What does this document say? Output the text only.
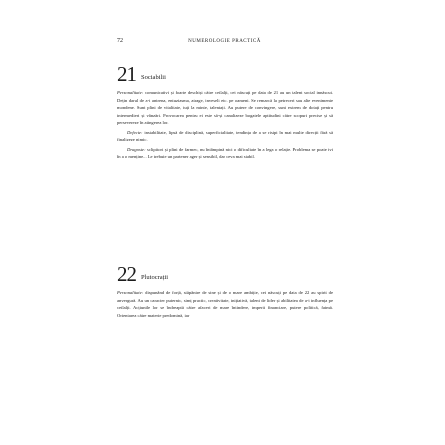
72	NUMEROLOGIE PRACTICĂ
21 Sociabilii

Personalitate: comunicativi și foarte deschiși către ceilalți, cei născuți pe data de 21 au un talent social innăscut. Dețin darul de a-i antrena, entuziasma, atrage, inveseli etc. pe oameni. Se remarcă la petreceri sau alte evenimente mondene. Sunt plini de vitalitate, iuți la minte, talentați. Au putere de convingere, sunt extrem de dotați pentru intermedieri și vânzări. Provocarea pentru ei este să-și canalizeze bogatele aptitudini către scopuri precise și să persevereze în atingerea lor.

Defecte: instabilitate, lipsă de disciplină, superficialitate, tendința de a se risipi în mai multe direcții fără să finalizeze nimic.

Dragoste: sclipitori și plini de farmec, nu întâmpină nici o dificultate în a lega o relație. Problema se poate ivi în a o menține... Le trebuie un partener ager și sensibil, dar ceva mai stabil.

22 Plutocrații

Personalitate: dispunând de forță, stăpânire de sine și de o mare ambiție, cei născuți pe data de 22 au spirit de anvergură. Au un caracter puternic, simț practic, creativitate, inițiativă, talent de lider și abilitatea de a-i influența pe ceilalți. Acțiunile lor se îndreaptă către afaceri de mare întindere, imperii financiare, putere politică, faimă. Orientarea către materie predomină, iar
